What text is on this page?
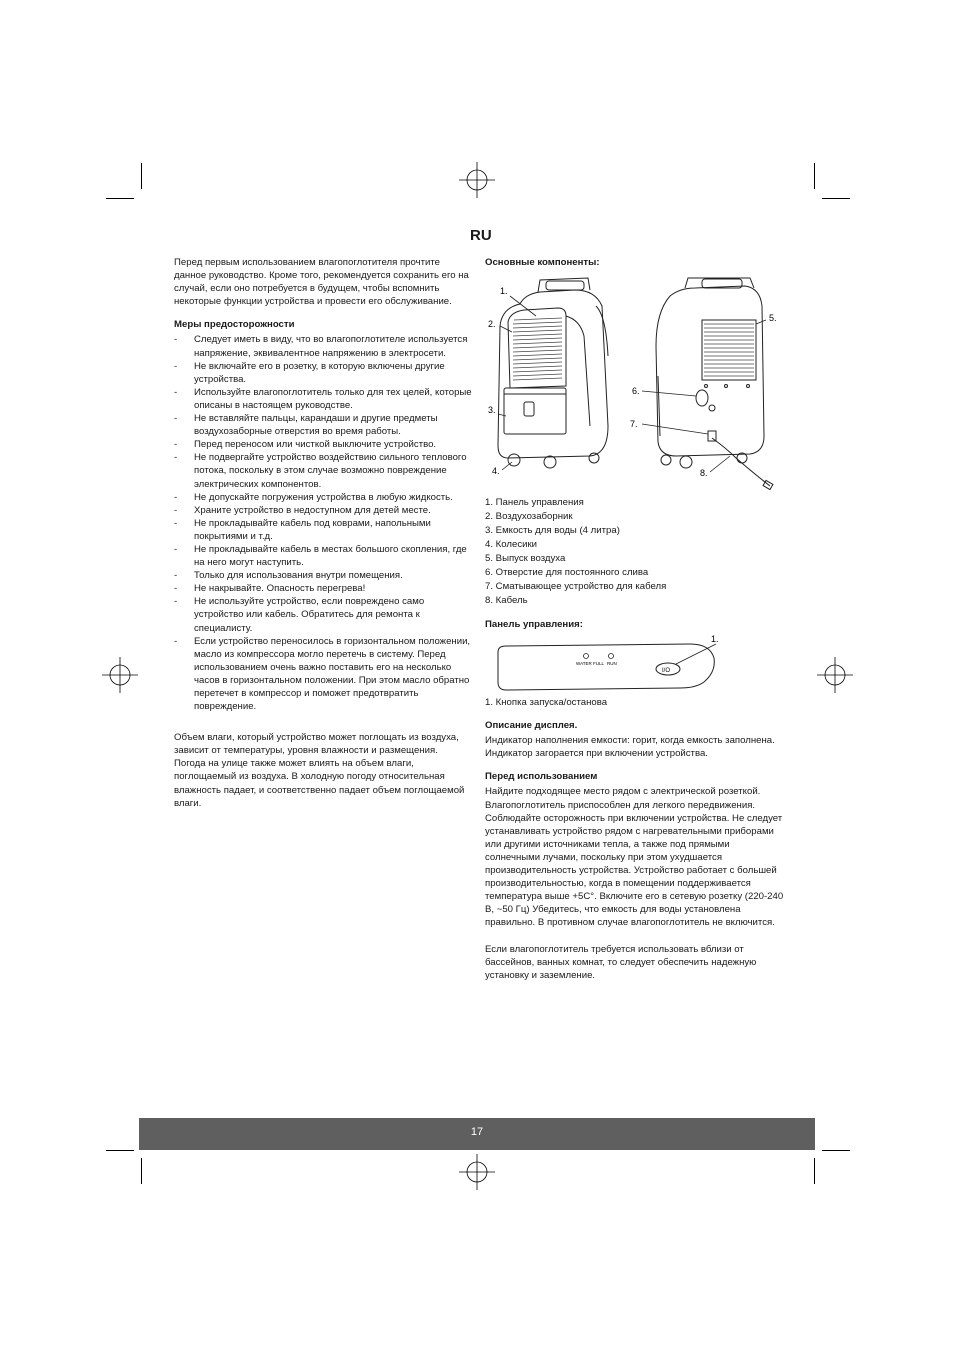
RU

Перед первым использованием влагопоглотителя прочтите данное руководство. Кроме того, рекомендуется сохранить его на случай, если оно потребуется в будущем, чтобы вспомнить некоторые функции устройства и провести его обслуживание.

Меры предосторожности
- Следует иметь в виду, что во влагопоглотителе используется напряжение, эквивалентное напряжению в электросети.
- Не включайте его в розетку, в которую включены другие устройства.
- Используйте влагопоглотитель только для тех целей, которые описаны в настоящем руководстве.
- Не вставляйте пальцы, карандаши и другие предметы воздухозаборные отверстия во время работы.
- Перед переносом или чисткой выключите устройство.
- Не подвергайте устройство воздействию сильного теплового потока, поскольку в этом случае возможно повреждение электрических компонентов.
- Не допускайте погружения устройства в любую жидкость.
- Храните устройство в недоступном для детей месте.
- Не прокладывайте кабель под коврами, напольными покрытиями и т.д.
- Не прокладывайте кабель в местах большого скопления, где на него могут наступить.
- Только для использования внутри помещения.
- Не накрывайте. Опасность перегрева!
- Не используйте устройство, если повреждено само устройство или кабель. Обратитесь для ремонта к специалисту.
- Если устройство переносилось в горизонтальном положении, масло из компрессора могло перетечь в систему. Перед использованием очень важно поставить его на несколько часов в горизонтальном положении. При этом масло обратно перетечет в компрессор и поможет предотвратить повреждение.

Объем влаги, который устройство может поглощать из воздуха, зависит от температуры, уровня влажности и размещения. Погода на улице также может влиять на объем влаги, поглощаемый из воздуха. В холодную погоду относительная влажность падает, и соответственно падает объем поглощаемой влаги.

Основные компоненты:
1.
2.
3.
4.
5.
6.
7.
8.
1. Панель управления
2. Воздухозаборник
3. Емкость для воды (4 литра)
4. Колесики
5. Выпуск воздуха
6. Отверстие для постоянного слива
7. Сматывающее устройство для кабеля
8. Кабель
Панель управления:
WATER FULL RUN
I/O
1.
1. Кнопка запуска/останова
Описание дисплея.

Индикатор наполнения емкости: горит, когда емкость заполнена.

Индикатор загорается при включении устройства.

Перед использованием

Найдите подходящее место рядом с электрической розеткой. Влагопоглотитель приспособлен для легкого передвижения. Соблюдайте осторожность при включении устройства. Не следует устанавливать устройство рядом с нагревательными приборами или другими источниками тепла, а также под прямыми солнечными лучами, поскольку при этом ухудшается производительность устройства. Устройство работает с большей производительностью, когда в помещении поддерживается температура выше +5C°. Включите его в сетевую розетку (220-240 В, ~50 Гц) Убедитесь, что емкость для воды установлена правильно. В противном случае влагопоглотитель не включится.

Если влагопоглотитель требуется использовать вблизи от бассейнов, ванных комнат, то следует обеспечить надежную установку и заземление.

17
